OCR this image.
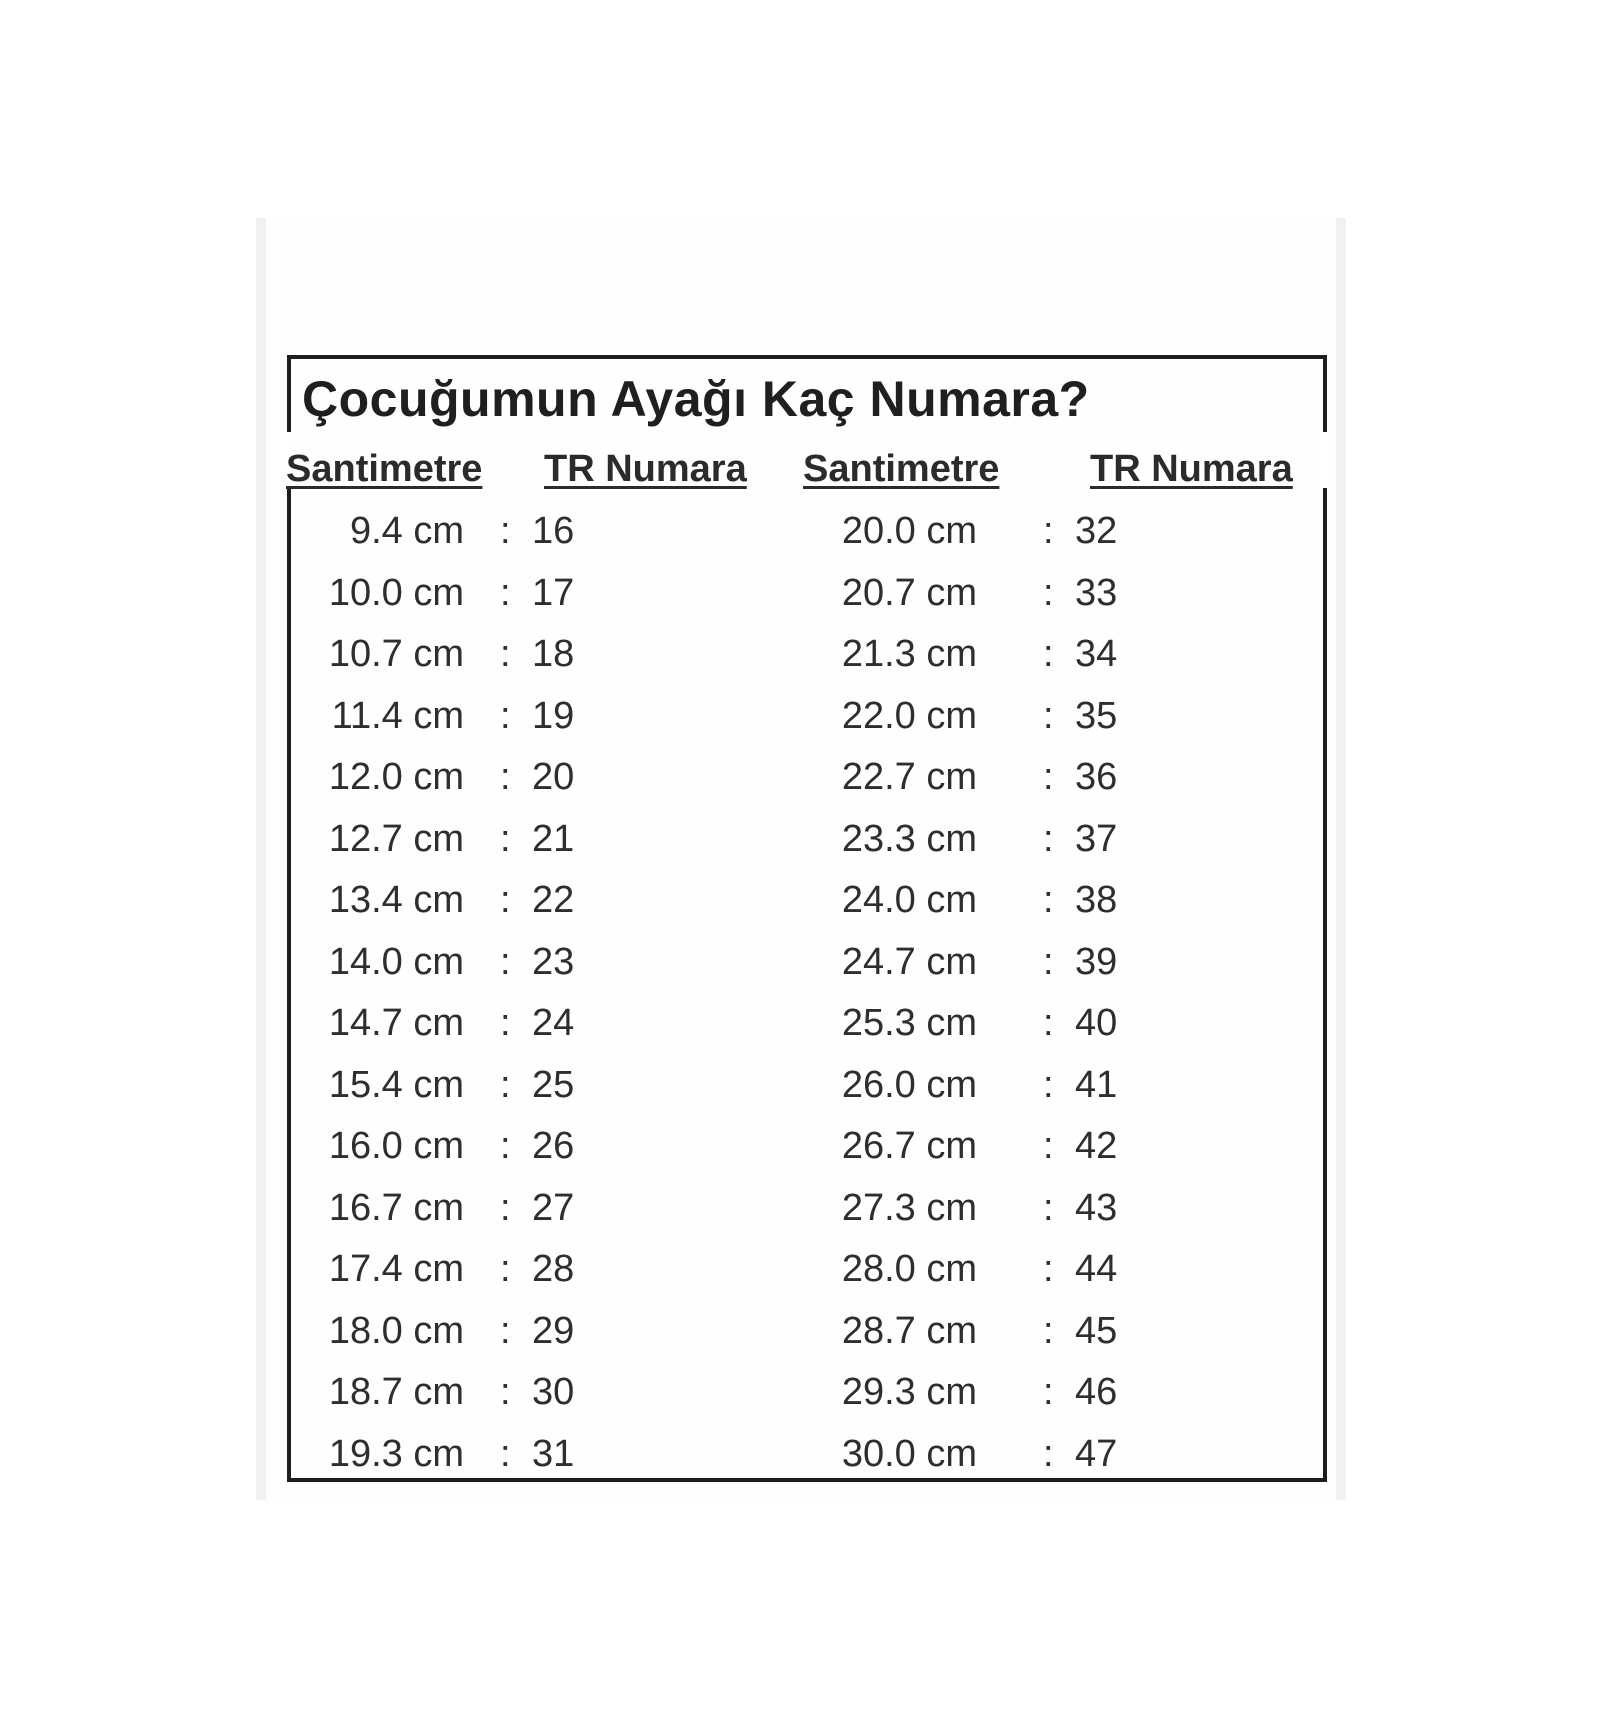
Çocuğumun Ayağı Kaç Numara?
Santimetre TR Numara Santimetre TR Numara
9.4 cm : 16	20.0 cm : 32
10.0 cm : 17	20.7 cm : 33
10.7 cm : 18	21.3 cm : 34
11.4 cm : 19	22.0 cm : 35
12.0 cm : 20	22.7 cm : 36
12.7 cm : 21	23.3 cm : 37
13.4 cm : 22	24.0 cm : 38
14.0 cm : 23	24.7 cm : 39
14.7 cm : 24	25.3 cm : 40
15.4 cm : 25	26.0 cm : 41
16.0 cm : 26	26.7 cm : 42
16.7 cm : 27	27.3 cm : 43
17.4 cm : 28	28.0 cm : 44
18.0 cm : 29	28.7 cm : 45
18.7 cm : 30	29.3 cm : 46
19.3 cm : 31	30.0 cm : 47
